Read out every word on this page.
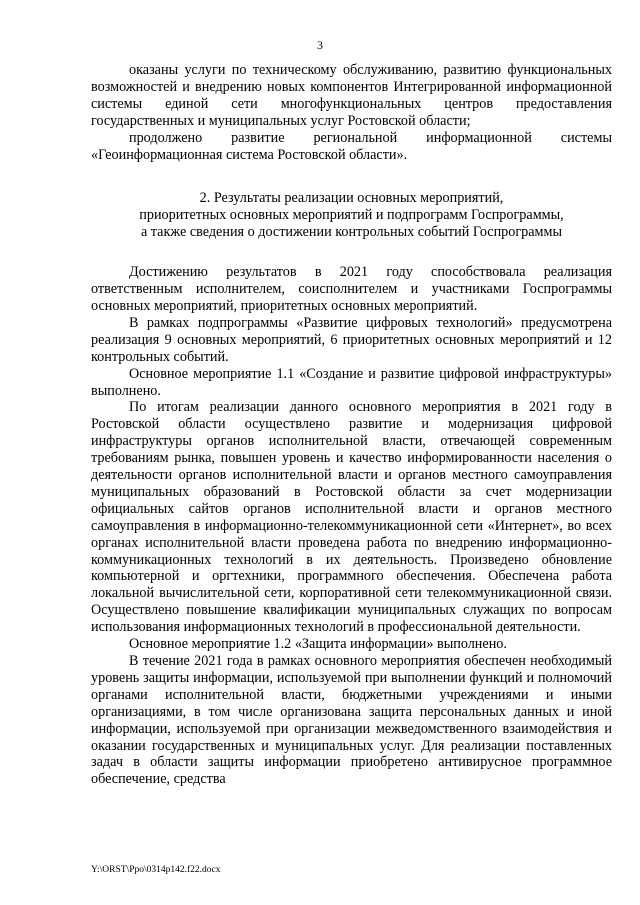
3

оказаны услуги по техническому обслуживанию, развитию функциональных возможностей и внедрению новых компонентов Интегрированной информационной системы единой сети многофункциональных центров предоставления государственных и муниципальных услуг Ростовской области;

продолжено развитие региональной информационной системы «Геоинформационная система Ростовской области».

2. Результаты реализации основных мероприятий,
приоритетных основных мероприятий и подпрограмм Госпрограммы,
а также сведения о достижении контрольных событий Госпрограммы

Достижению результатов в 2021 году способствовала реализация ответственным исполнителем, соисполнителем и участниками Госпрограммы основных мероприятий, приоритетных основных мероприятий.

В рамках подпрограммы «Развитие цифровых технологий» предусмотрена реализация 9 основных мероприятий, 6 приоритетных основных мероприятий и 12 контрольных событий.

Основное мероприятие 1.1 «Создание и развитие цифровой инфраструктуры» выполнено.

По итогам реализации данного основного мероприятия в 2021 году в Ростовской области осуществлено развитие и модернизация цифровой инфраструктуры органов исполнительной власти, отвечающей современным требованиям рынка, повышен уровень и качество информированности населения о деятельности органов исполнительной власти и органов местного самоуправления муниципальных образований в Ростовской области за счет модернизации официальных сайтов органов исполнительной власти и органов местного самоуправления в информационно-телекоммуникационной сети «Интернет», во всех органах исполнительной власти проведена работа по внедрению информационно-коммуникационных технологий в их деятельность. Произведено обновление компьютерной и оргтехники, программного обеспечения. Обеспечена работа локальной вычислительной сети, корпоративной сети телекоммуникационной связи. Осуществлено повышение квалификации муниципальных служащих по вопросам использования информационных технологий в профессиональной деятельности.

Основное мероприятие 1.2 «Защита информации» выполнено.

В течение 2021 года в рамках основного мероприятия обеспечен необходимый уровень защиты информации, используемой при выполнении функций и полномочий органами исполнительной власти, бюджетными учреждениями и иными организациями, в том числе организована защита персональных данных и иной информации, используемой при организации межведомственного взаимодействия и оказании государственных и муниципальных услуг. Для реализации поставленных задач в области защиты информации приобретено антивирусное программное обеспечение, средства

Y:\ORST\Ppo\0314p142.f22.docx
